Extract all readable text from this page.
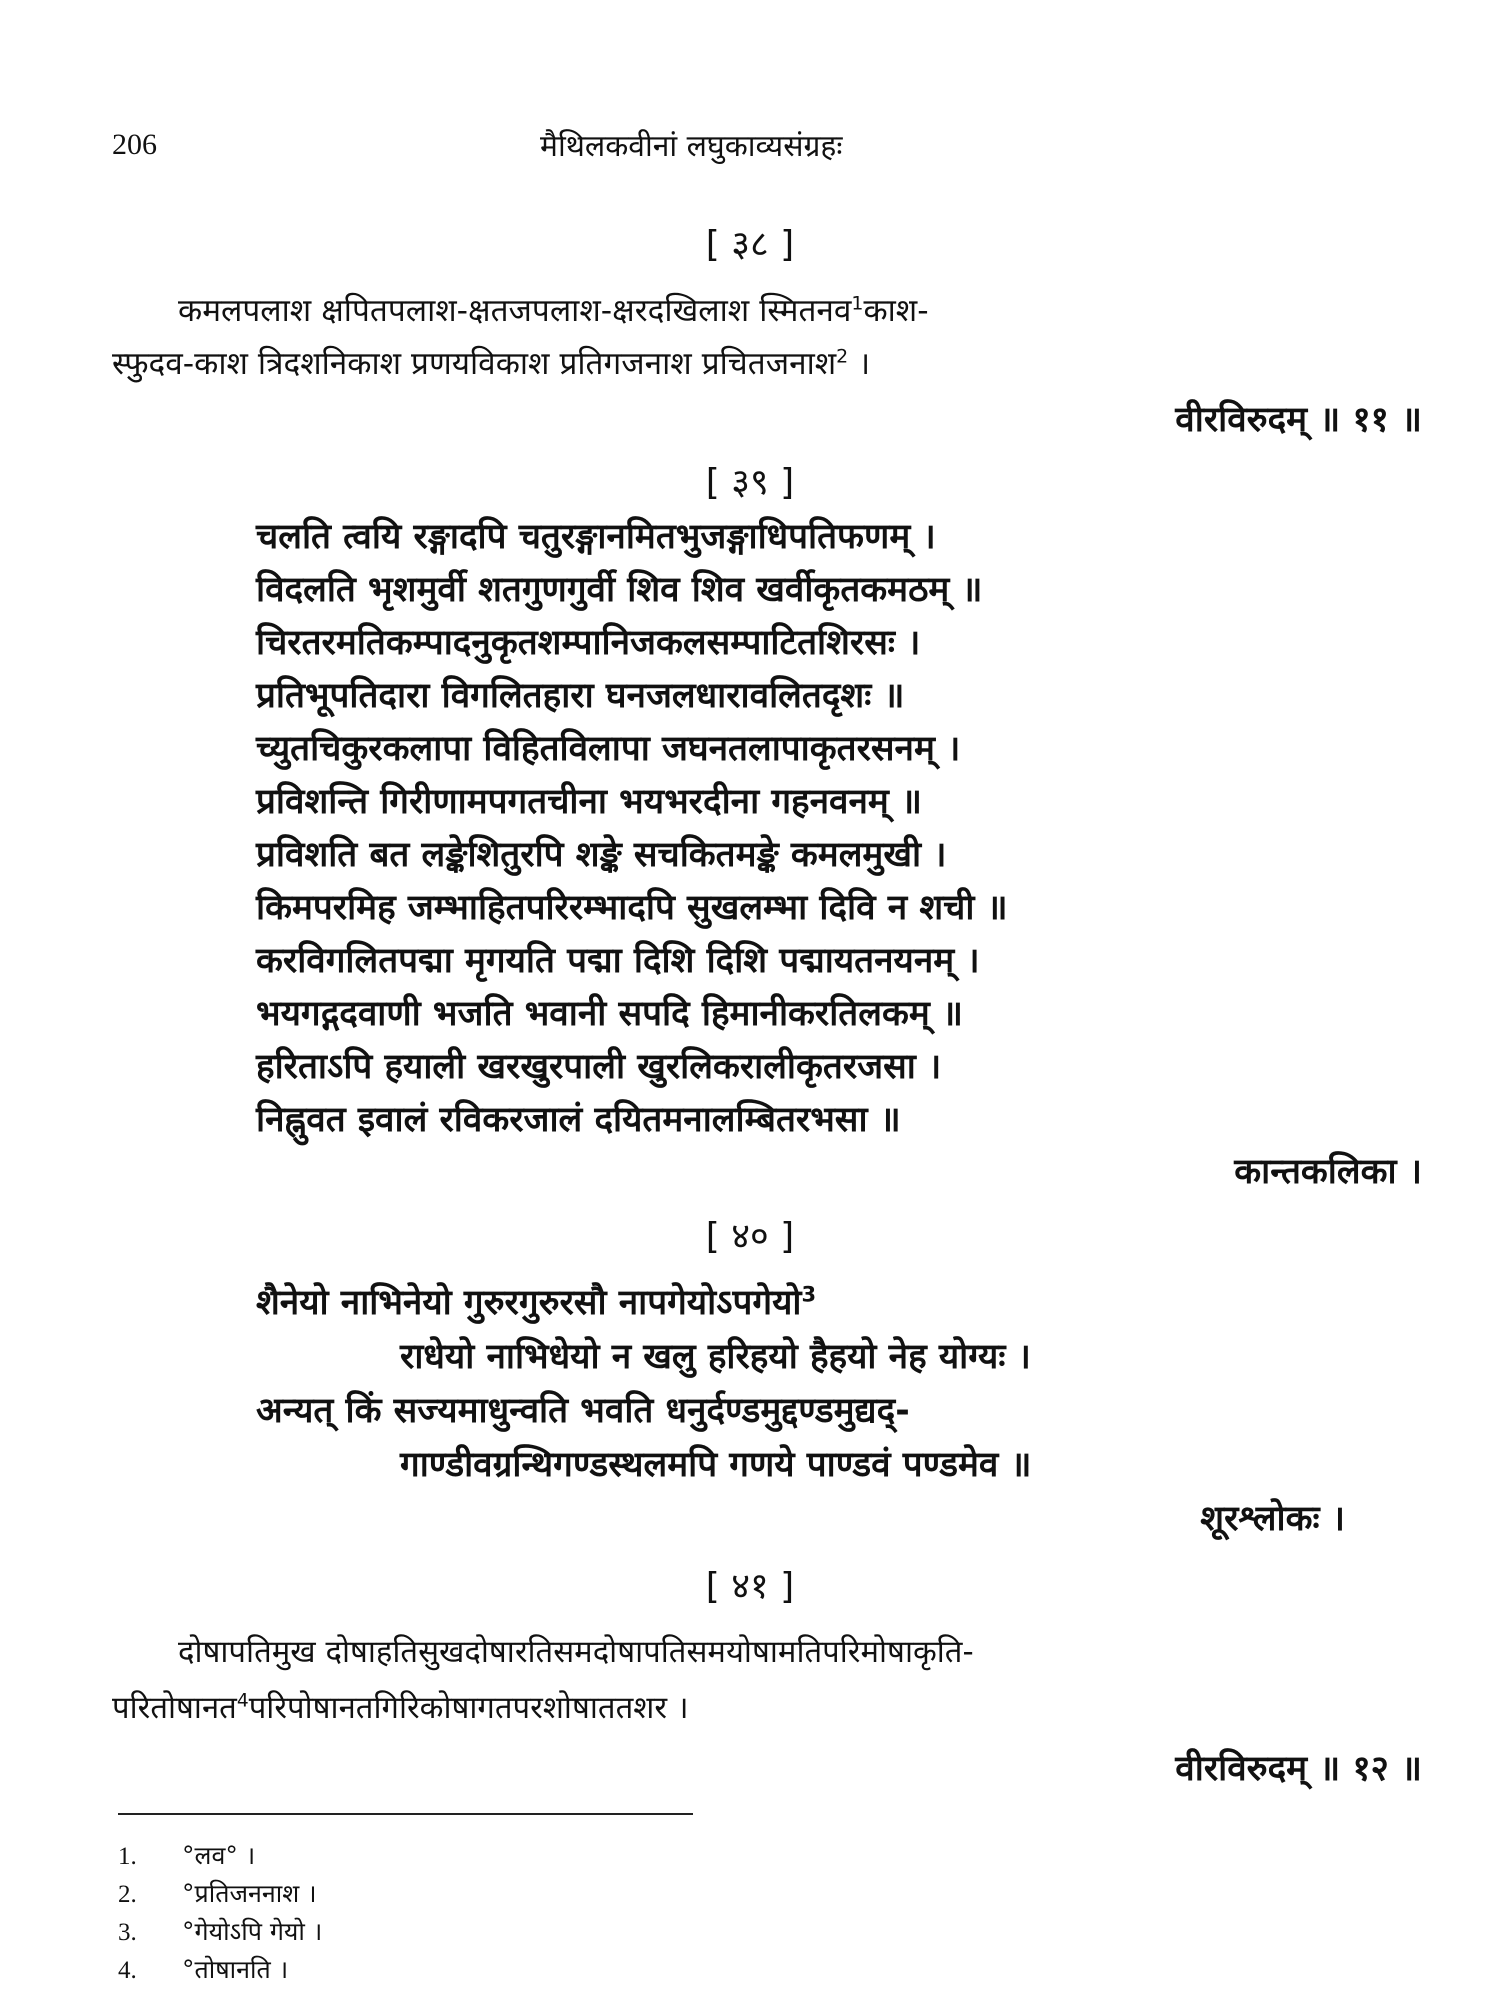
206	मैथिलकवीनां लघुकाव्यसंग्रहः
[ ३८ ]
कमलपलाश क्षपितपलाश-क्षतजपलाश-क्षरदखिलाश स्मितनव$^1$काश-
स्फुदव-काश त्रिदशनिकाश प्रणयविकाश प्रतिगजनाश प्रचितजनाश$^2$ ।
वीरविरुदम् ॥ ११ ॥
[ ३९ ]
चलति त्वयि रङ्गादपि चतुरङ्गानमितभुजङ्गाधिपतिफणम् ।
विदलति भृशमुर्वी शतगुणगुर्वी शिव शिव खर्वीकृतकमठम् ॥
चिरतरमतिकम्पादनुकृतशम्पानिजकलसम्पाटितशिरसः ।
प्रतिभूपतिदारा विगलितहारा घनजलधारावलितदृशः ॥
च्युतचिकुरकलापा विहितविलापा जघनतलापाकृतरसनम् ।
प्रविशन्ति गिरीणामपगतचीना भयभरदीना गहनवनम् ॥
प्रविशति बत लङ्केशितुरपि शङ्के सचकितमङ्के कमलमुखी ।
किमपरमिह जम्भाहितपरिरम्भादपि सुखलम्भा दिवि न शची ॥
करविगलितपद्मा मृगयति पद्मा दिशि दिशि पद्मायतनयनम् ।
भयगद्गदवाणी भजति भवानी सपदि हिमानीकरतिलकम् ॥
हरिताऽपि हयाली खरखुरपाली खुरलिकरालीकृतरजसा ।
निह्नुवत इवालं रविकरजालं दयितमनालम्बितरभसा ॥
कान्तकलिका ।
[ ४० ]
शैनेयो नाभिनेयो गुरुरगुरुरसौ नापगेयोऽपगेयो$^3$
राधेयो नाभिधेयो न खलु हरिहयो हैहयो नेह योग्यः ।
अन्यत् किं सज्यमाधुन्वति भवति धनुर्दण्डमुद्दण्डमुद्यद्-
गाण्डीवग्रन्थिगण्डस्थलमपि गणये पाण्डवं पण्डमेव ॥
शूरश्लोकः ।
[ ४१ ]
दोषापतिमुख दोषाहतिसुखदोषारतिसमदोषापतिसमयोषामतिपरिमोषाकृति-
परितोषानत$^4$परिपोषानतगिरिकोषागतपरशोषाततशर ।
वीरविरुदम् ॥ १२ ॥
1. °लव° ।
2. °प्रतिजननाश ।
3. °गेयोऽपि गेयो ।
4. °तोषानति ।
